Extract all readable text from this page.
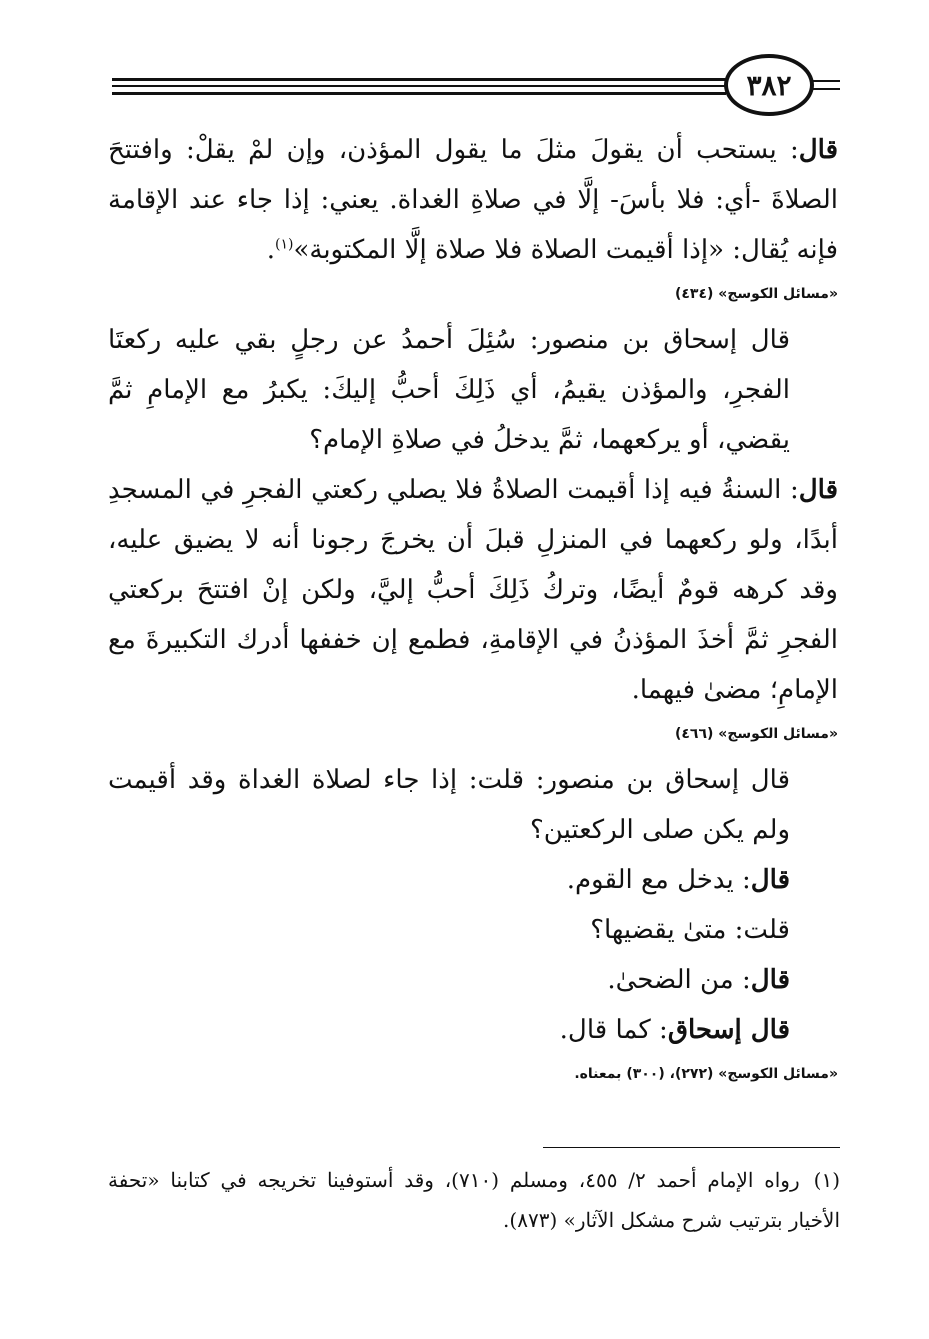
٣٨٢

قال: يستحب أن يقولَ مثلَ ما يقول المؤذن، وإن لمْ يقلْ: وافتتحَ الصلاةَ -أي: فلا بأسَ- إلَّا في صلاةِ الغداة. يعني: إذا جاء عند الإقامة فإنه يُقال: «إذا أقيمت الصلاة فلا صلاة إلَّا المكتوبة»$^{(١)}$.

«مسائل الكوسج» (٤٣٤)

قال إسحاق بن منصور: سُئِلَ أحمدُ عن رجلٍ بقي عليه ركعتَا الفجرِ، والمؤذن يقيمُ، أي ذَلِكَ أحبُّ إليكَ: يكبرُ مع الإمامِ ثمَّ يقضي، أو يركعهما، ثمَّ يدخلُ في صلاةِ الإمام؟

قال: السنةُ فيه إذا أقيمت الصلاةُ فلا يصلي ركعتي الفجرِ في المسجدِ أبدًا، ولو ركعهما في المنزلِ قبلَ أن يخرجَ رجونا أنه لا يضيق عليه، وقد كرهه قومٌ أيضًا، وتركُ ذَلِكَ أحبُّ إليَّ، ولكن إنْ افتتحَ بركعتي الفجرِ ثمَّ أخذَ المؤذنُ في الإقامةِ، فطمع إن خففها أدرك التكبيرةَ مع الإمامِ؛ مضىٰ فيهما.

«مسائل الكوسج» (٤٦٦)

قال إسحاق بن منصور: قلت: إذا جاء لصلاة الغداة وقد أقيمت ولم يكن صلى الركعتين؟

قال: يدخل مع القوم.

قلت: متىٰ يقضيها؟

قال: من الضحىٰ.

قال إسحاق: كما قال.

«مسائل الكوسج» (٢٧٢)، (٣٠٠) بمعناه.

(١)رواه الإمام أحمد ٢/ ٤٥٥، ومسلم (٧١٠)، وقد أستوفينا تخريجه في كتابنا «تحفة الأخيار بترتيب شرح مشكل الآثار» (٨٧٣).
